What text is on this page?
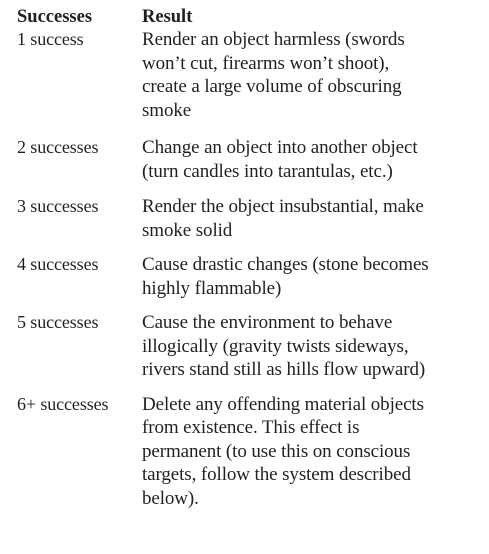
Successes	Result
1 success	Render an object harmless (swords
won’t cut, firearms won’t shoot),
create a large volume of obscuring
smoke
2 successes	Change an object into another object
(turn candles into tarantulas, etc.)
3 successes	Render the object insubstantial, make
smoke solid
4 successes	Cause drastic changes (stone becomes
highly flammable)
5 successes	Cause the environment to behave
illogically (gravity twists sideways,
rivers stand still as hills flow upward)
6+ successes	Delete any offending material objects
from existence. This effect is
permanent (to use this on conscious
targets, follow the system described
below).
